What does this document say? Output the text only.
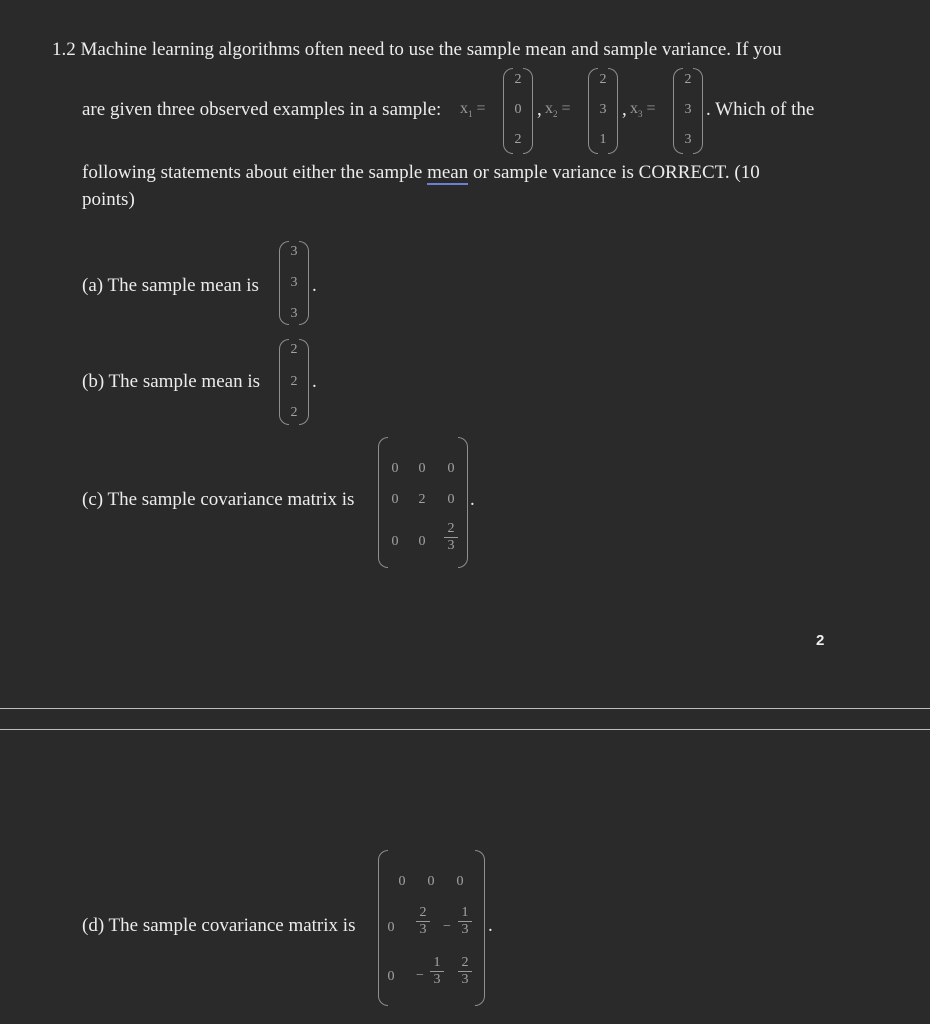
1.2 Machine learning algorithms often need to use the sample mean and sample variance. If you
are given three observed examples in a sample: $x_1$ =
2
0
2
, $x_2$ =
2
3
1
, $x_3$ =
2
3
3
. Which of the
following statements about either the sample mean or sample variance is CORRECT. (10
points)
(a) The sample mean is
3
3
3
.
(b) The sample mean is
2
2
2
.
(c) The sample covariance matrix is
0 0 0
0 2 0
0 0
2
3
.
2
(d) The sample covariance matrix is
0 0 0
0
2
3 −
1
3
0 −
1
3
2
3
.
